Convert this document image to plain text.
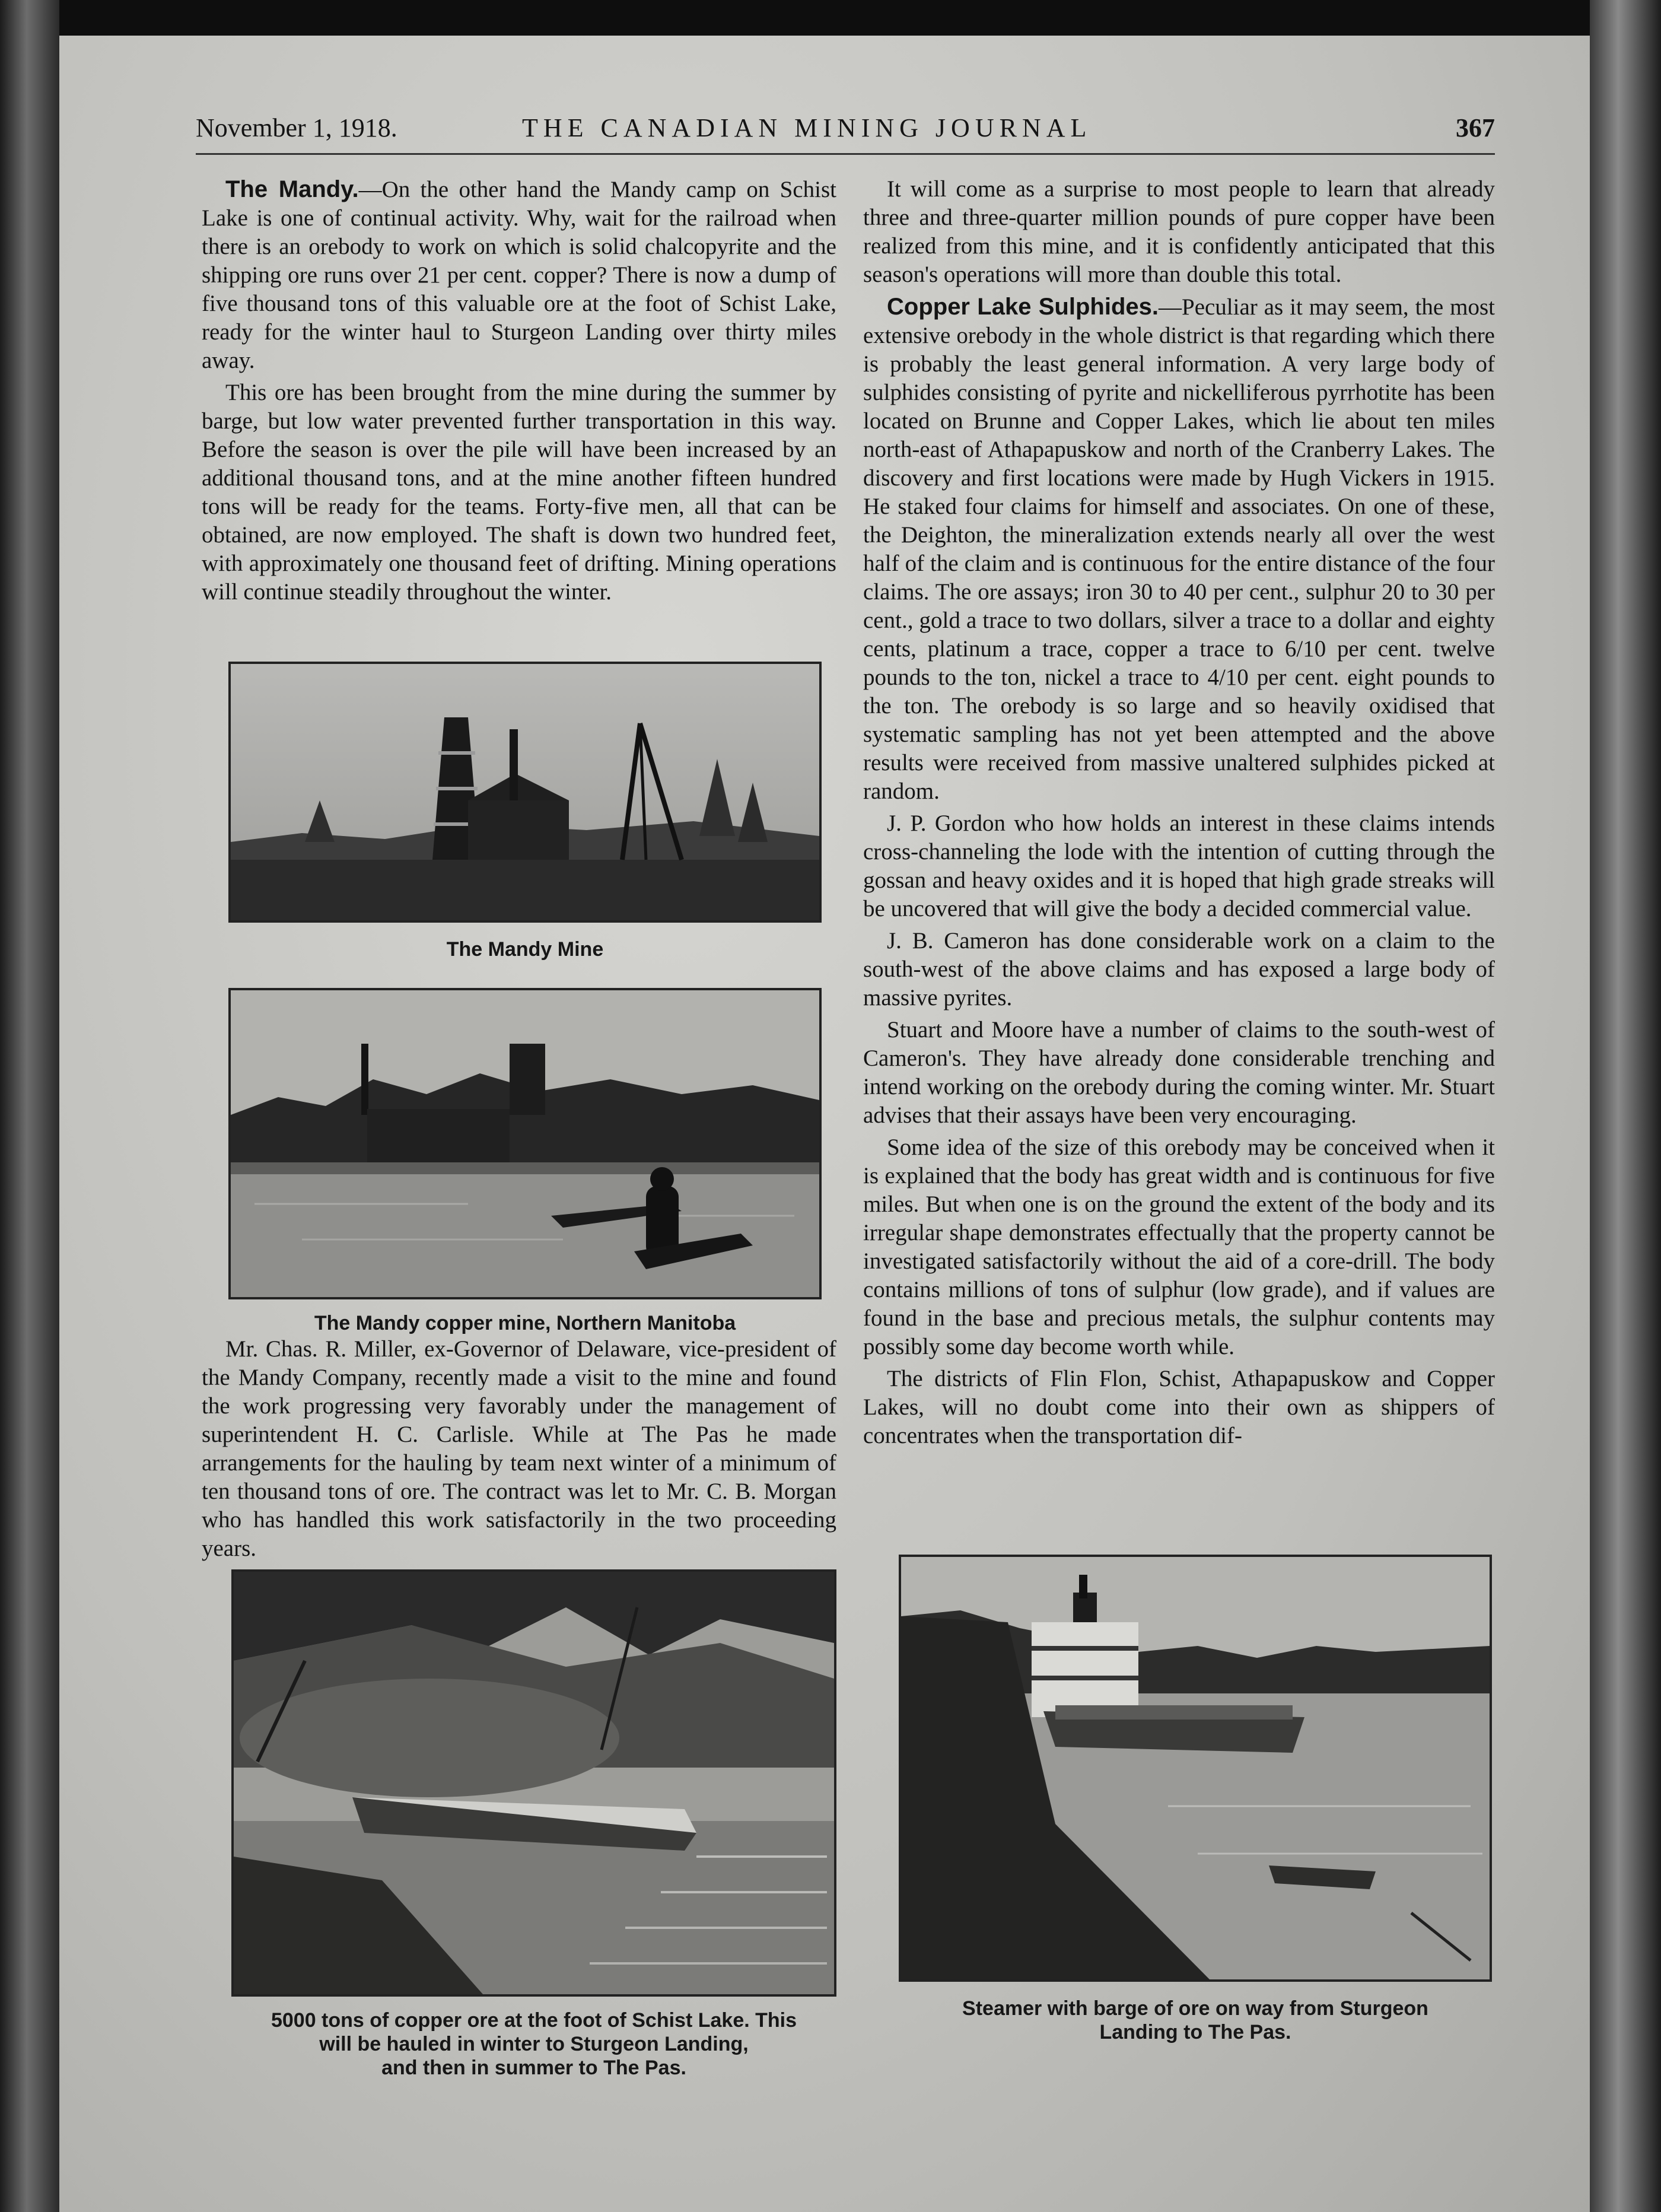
November 1, 1918.	THE CANADIAN MINING JOURNAL	367

The Mandy.—On the other hand the Mandy camp on Schist Lake is one of continual activity. Why, wait for the railroad when there is an orebody to work on which is solid chalcopyrite and the shipping ore runs over 21 per cent. copper? There is now a dump of five thousand tons of this valuable ore at the foot of Schist Lake, ready for the winter haul to Sturgeon Landing over thirty miles away.

This ore has been brought from the mine during the summer by barge, but low water prevented further transportation in this way. Before the season is over the pile will have been increased by an additional thousand tons, and at the mine another fifteen hundred tons will be ready for the teams. Forty-five men, all that can be obtained, are now employed. The shaft is down two hundred feet, with approximately one thousand feet of drifting. Mining operations will continue steadily throughout the winter.

The Mandy Mine
The Mandy copper mine, Northern Manitoba

Mr. Chas. R. Miller, ex-Governor of Delaware, vice-president of the Mandy Company, recently made a visit to the mine and found the work progressing very favorably under the management of superintendent H. C. Carlisle. While at The Pas he made arrangements for the hauling by team next winter of a minimum of ten thousand tons of ore. The contract was let to Mr. C. B. Morgan who has handled this work satisfactorily in the two proceeding years.

It will come as a surprise to most people to learn that already three and three-quarter million pounds of pure copper have been realized from this mine, and it is confidently anticipated that this season's operations will more than double this total.

Copper Lake Sulphides.—Peculiar as it may seem, the most extensive orebody in the whole district is that regarding which there is probably the least general information. A very large body of sulphides consisting of pyrite and nickelliferous pyrrhotite has been located on Brunne and Copper Lakes, which lie about ten miles north-east of Athapapuskow and north of the Cranberry Lakes. The discovery and first locations were made by Hugh Vickers in 1915. He staked four claims for himself and associates. On one of these, the Deighton, the mineralization extends nearly all over the west half of the claim and is continuous for the entire distance of the four claims. The ore assays; iron 30 to 40 per cent., sulphur 20 to 30 per cent., gold a trace to two dollars, silver a trace to a dollar and eighty cents, platinum a trace, copper a trace to 6/10 per cent. twelve pounds to the ton, nickel a trace to 4/10 per cent. eight pounds to the ton. The orebody is so large and so heavily oxidised that systematic sampling has not yet been attempted and the above results were received from massive unaltered sulphides picked at random.

J. P. Gordon who how holds an interest in these claims intends cross-channeling the lode with the intention of cutting through the gossan and heavy oxides and it is hoped that high grade streaks will be uncovered that will give the body a decided commercial value.

J. B. Cameron has done considerable work on a claim to the south-west of the above claims and has exposed a large body of massive pyrites.

Stuart and Moore have a number of claims to the south-west of Cameron's. They have already done considerable trenching and intend working on the orebody during the coming winter. Mr. Stuart advises that their assays have been very encouraging.

Some idea of the size of this orebody may be conceived when it is explained that the body has great width and is continuous for five miles. But when one is on the ground the extent of the body and its irregular shape demonstrates effectually that the property cannot be investigated satisfactorily without the aid of a core-drill. The body contains millions of tons of sulphur (low grade), and if values are found in the base and precious metals, the sulphur contents may possibly some day become worth while.

The districts of Flin Flon, Schist, Athapapuskow and Copper Lakes, will no doubt come into their own as shippers of concentrates when the transportation dif-

5000 tons of copper ore at the foot of Schist Lake. This
will be hauled in winter to Sturgeon Landing,
and then in summer to The Pas.
Steamer with barge of ore on way from Sturgeon
Landing to The Pas.
